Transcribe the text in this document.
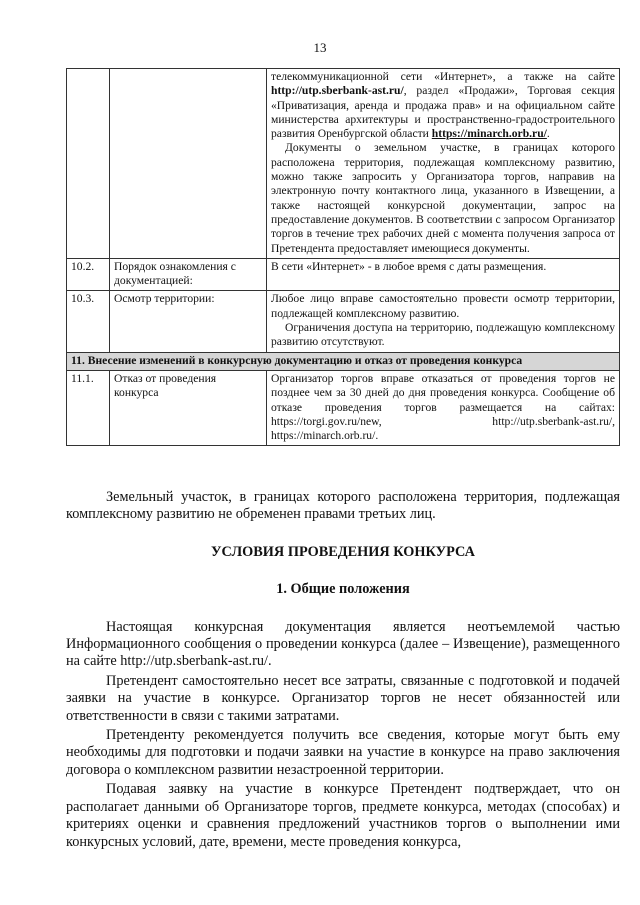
13

		телекоммуникационной сети «Интернет», а также на сайте http://utp.sberbank-ast.ru/, раздел «Продажи», Торговая секция «Приватизация, аренда и продажа прав» и на официальном сайте министерства архитектуры и пространственно-градостроительного развития Оренбургской области https://minarch.orb.ru/.

Документы о земельном участке, в границах которого расположена территория, подлежащая комплексному развитию, можно также запросить у Организатора торгов, направив на электронную почту контактного лица, указанного в Извещении, а также настоящей конкурсной документации, запрос на предоставление документов. В соответствии с запросом Организатор торгов в течение трех рабочих дней с момента получения запроса от Претендента предоставляет имеющиеся документы.

10.2.	Порядок ознакомления с документацией:	В сети «Интернет» - в любое время с даты размещения.
10.3.	Осмотр территории:	Любое лицо вправе самостоятельно провести осмотр территории, подлежащей комплексному развитию.

Ограничения доступа на территорию, подлежащую комплексному развитию отсутствуют.

11. Внесение изменений в конкурсную документацию и отказ от проведения конкурса		
11.1.	Отказ от проведения конкурса	Организатор торгов вправе отказаться от проведения торгов не позднее чем за 30 дней до дня проведения конкурса. Сообщение об отказе проведения торгов размещается на сайтах: https://torgi.gov.ru/new, http://utp.sberbank-ast.ru/, https://minarch.orb.ru/.

Земельный участок, в границах которого расположена территория, подлежащая комплексному развитию не обременен правами третьих лиц.

УСЛОВИЯ ПРОВЕДЕНИЯ КОНКУРСА
1. Общие положения

Настоящая конкурсная документация является неотъемлемой частью Информационного сообщения о проведении конкурса (далее – Извещение), размещенного на сайте http://utp.sberbank-ast.ru/.

Претендент самостоятельно несет все затраты, связанные с подготовкой и подачей заявки на участие в конкурсе. Организатор торгов не несет обязанностей или ответственности в связи с такими затратами.

Претенденту рекомендуется получить все сведения, которые могут быть ему необходимы для подготовки и подачи заявки на участие в конкурсе на право заключения договора о комплексном развитии незастроенной территории.

Подавая заявку на участие в конкурсе Претендент подтверждает, что он располагает данными об Организаторе торгов, предмете конкурса, методах (способах) и критериях оценки и сравнения предложений участников торгов о выполнении ими конкурсных условий, дате, времени, месте проведения конкурса,
